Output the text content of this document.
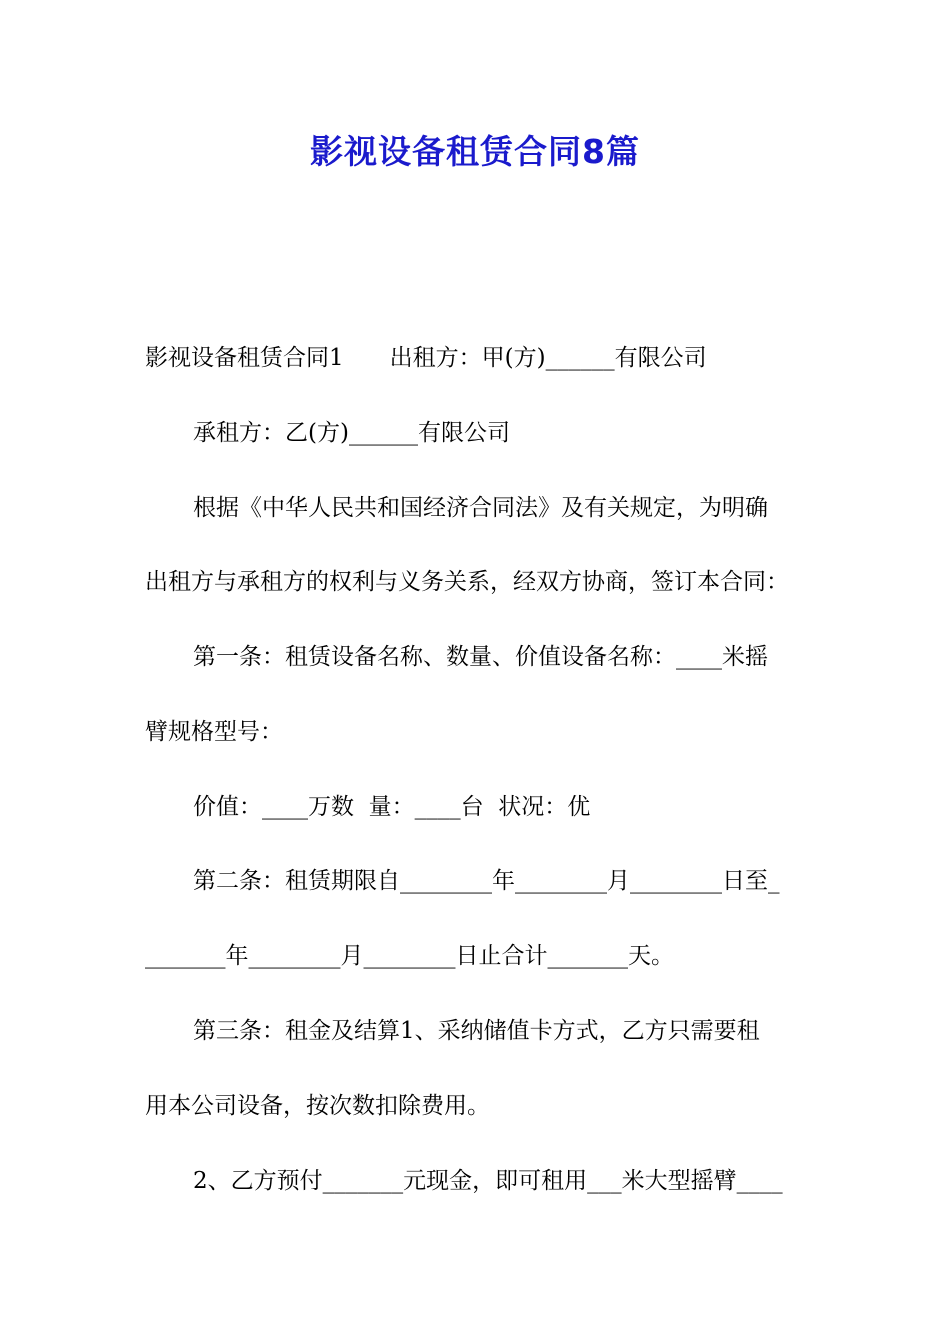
影视设备租赁合同8篇
影视设备租赁合同1　　出租方：甲(方)______有限公司
承租方：乙(方)______有限公司
根据《中华人民共和国经济合同法》及有关规定，为明确
出租方与承租方的权利与义务关系，经双方协商，签订本合同：
第一条：租赁设备名称、数量、价值设备名称：____米摇
臂规格型号：
价值：____万数  量：____台  状况：优
第二条：租赁期限自________年________月________日至_
_______年________月________日止合计_______天。
第三条：租金及结算1、采纳储值卡方式，乙方只需要租
用本公司设备，按次数扣除费用。
2、乙方预付_______元现金，即可租用___米大型摇臂____
